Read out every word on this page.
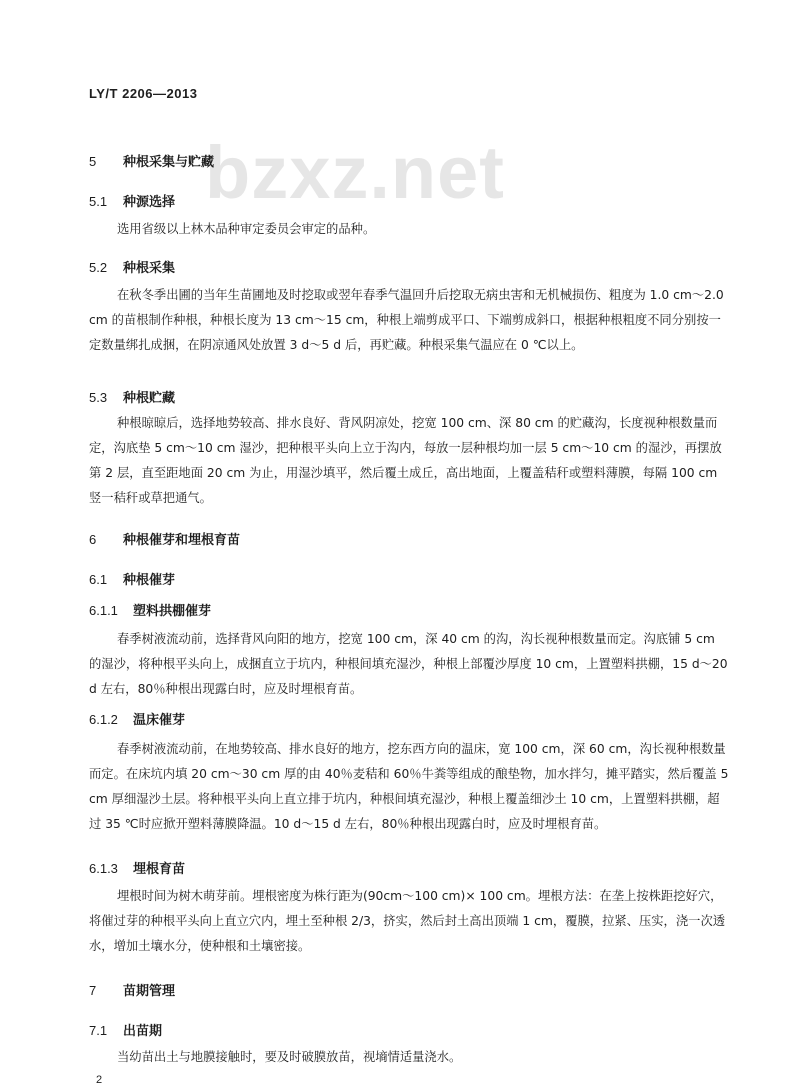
LY/T 2206—2013
bzxz.net
5 种根采集与贮藏
5.1 种源选择
选用省级以上林木品种审定委员会审定的品种。
5.2 种根采集
在秋冬季出圃的当年生苗圃地及时挖取或翌年春季气温回升后挖取无病虫害和无机械损伤、粗度为 1.0 cm～2.0 cm 的苗根制作种根，种根长度为 13 cm～15 cm，种根上端剪成平口、下端剪成斜口，根据种根粗度不同分别按一定数量绑扎成捆，在阴凉通风处放置 3 d～5 d 后，再贮藏。种根采集气温应在 0 ℃以上。
5.3 种根贮藏
种根晾晾后，选择地势较高、排水良好、背风阴凉处，挖宽 100 cm、深 80 cm 的贮藏沟，长度视种根数量而定，沟底垫 5 cm～10 cm 湿沙，把种根平头向上立于沟内，每放一层种根均加一层 5 cm～10 cm 的湿沙，再摆放第 2 层，直至距地面 20 cm 为止，用湿沙填平，然后覆土成丘，高出地面，上覆盖秸秆或塑料薄膜，每隔 100 cm 竖一秸秆或草把通气。
6 种根催芽和埋根育苗
6.1 种根催芽
6.1.1 塑料拱棚催芽
春季树液流动前，选择背风向阳的地方，挖宽 100 cm，深 40 cm 的沟，沟长视种根数量而定。沟底铺 5 cm 的湿沙，将种根平头向上，成捆直立于坑内，种根间填充湿沙，种根上部覆沙厚度 10 cm，上置塑料拱棚，15 d～20 d 左右，80％种根出现露白时，应及时埋根育苗。
6.1.2 温床催芽
春季树液流动前，在地势较高、排水良好的地方，挖东西方向的温床，宽 100 cm，深 60 cm，沟长视种根数量而定。在床坑内填 20 cm～30 cm 厚的由 40％麦秸和 60％牛粪等组成的酿垫物，加水拌匀，摊平踏实，然后覆盖 5 cm 厚细湿沙土层。将种根平头向上直立排于坑内，种根间填充湿沙，种根上覆盖细沙土 10 cm，上置塑料拱棚，超过 35 ℃时应掀开塑料薄膜降温。10 d～15 d 左右，80％种根出现露白时，应及时埋根育苗。
6.1.3 埋根育苗
埋根时间为树木萌芽前。埋根密度为株行距为(90cm～100 cm)× 100 cm。埋根方法：在垄上按株距挖好穴，将催过芽的种根平头向上直立穴内，埋土至种根 2/3，挤实，然后封土高出顶端 1 cm，覆膜，拉紧、压实，浇一次透水，增加土壤水分，使种根和土壤密接。
7 苗期管理
7.1 出苗期
当幼苗出土与地膜接触时，要及时破膜放苗，视墒情适量浇水。
2
